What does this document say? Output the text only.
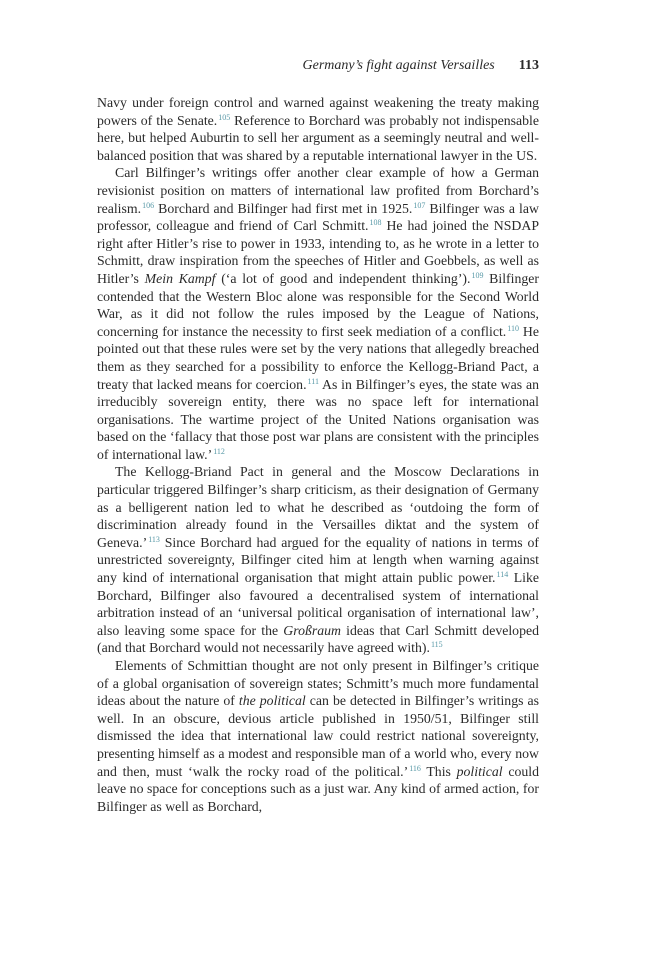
Germany’s fight against Versailles 113

Navy under foreign control and warned against weakening the treaty making powers of the Senate.$^{105}$ Reference to Borchard was probably not indispensable here, but helped Auburtin to sell her argument as a seemingly neutral and well-balanced position that was shared by a reputable international lawyer in the US.

Carl Bilfinger’s writings offer another clear example of how a German revisionist position on matters of international law profited from Borchard’s realism.$^{106}$ Borchard and Bilfinger had first met in 1925.$^{107}$ Bilfinger was a law professor, colleague and friend of Carl Schmitt.$^{108}$ He had joined the NSDAP right after Hitler’s rise to power in 1933, intending to, as he wrote in a letter to Schmitt, draw inspiration from the speeches of Hitler and Goebbels, as well as Hitler’s Mein Kampf (‘a lot of good and independent thinking’).$^{109}$ Bilfinger contended that the Western Bloc alone was responsible for the Second World War, as it did not follow the rules imposed by the League of Nations, concerning for instance the necessity to first seek mediation of a conflict.$^{110}$ He pointed out that these rules were set by the very nations that allegedly breached them as they searched for a possibility to enforce the Kellogg-Briand Pact, a treaty that lacked means for coercion.$^{111}$ As in Bilfinger’s eyes, the state was an irreducibly sovereign entity, there was no space left for international organisations. The wartime project of the United Nations organisation was based on the ‘fallacy that those post war plans are consistent with the principles of international law.’$^{112}$

The Kellogg-Briand Pact in general and the Moscow Declarations in particular triggered Bilfinger’s sharp criticism, as their designation of Germany as a belligerent nation led to what he described as ‘outdoing the form of discrimination already found in the Versailles diktat and the system of Geneva.’$^{113}$ Since Borchard had argued for the equality of nations in terms of unrestricted sovereignty, Bilfinger cited him at length when warning against any kind of international organisation that might attain public power.$^{114}$ Like Borchard, Bilfinger also favoured a decentralised system of international arbitration instead of an ‘universal political organisation of international law’, also leaving some space for the Großraum ideas that Carl Schmitt developed (and that Borchard would not necessarily have agreed with).$^{115}$

Elements of Schmittian thought are not only present in Bilfinger’s critique of a global organisation of sovereign states; Schmitt’s much more fundamental ideas about the nature of the political can be detected in Bilfinger’s writings as well. In an obscure, devious article published in 1950/51, Bilfinger still dismissed the idea that international law could restrict national sovereignty, presenting himself as a modest and responsible man of a world who, every now and then, must ‘walk the rocky road of the political.’$^{116}$ This political could leave no space for conceptions such as a just war. Any kind of armed action, for Bilfinger as well as Borchard,
